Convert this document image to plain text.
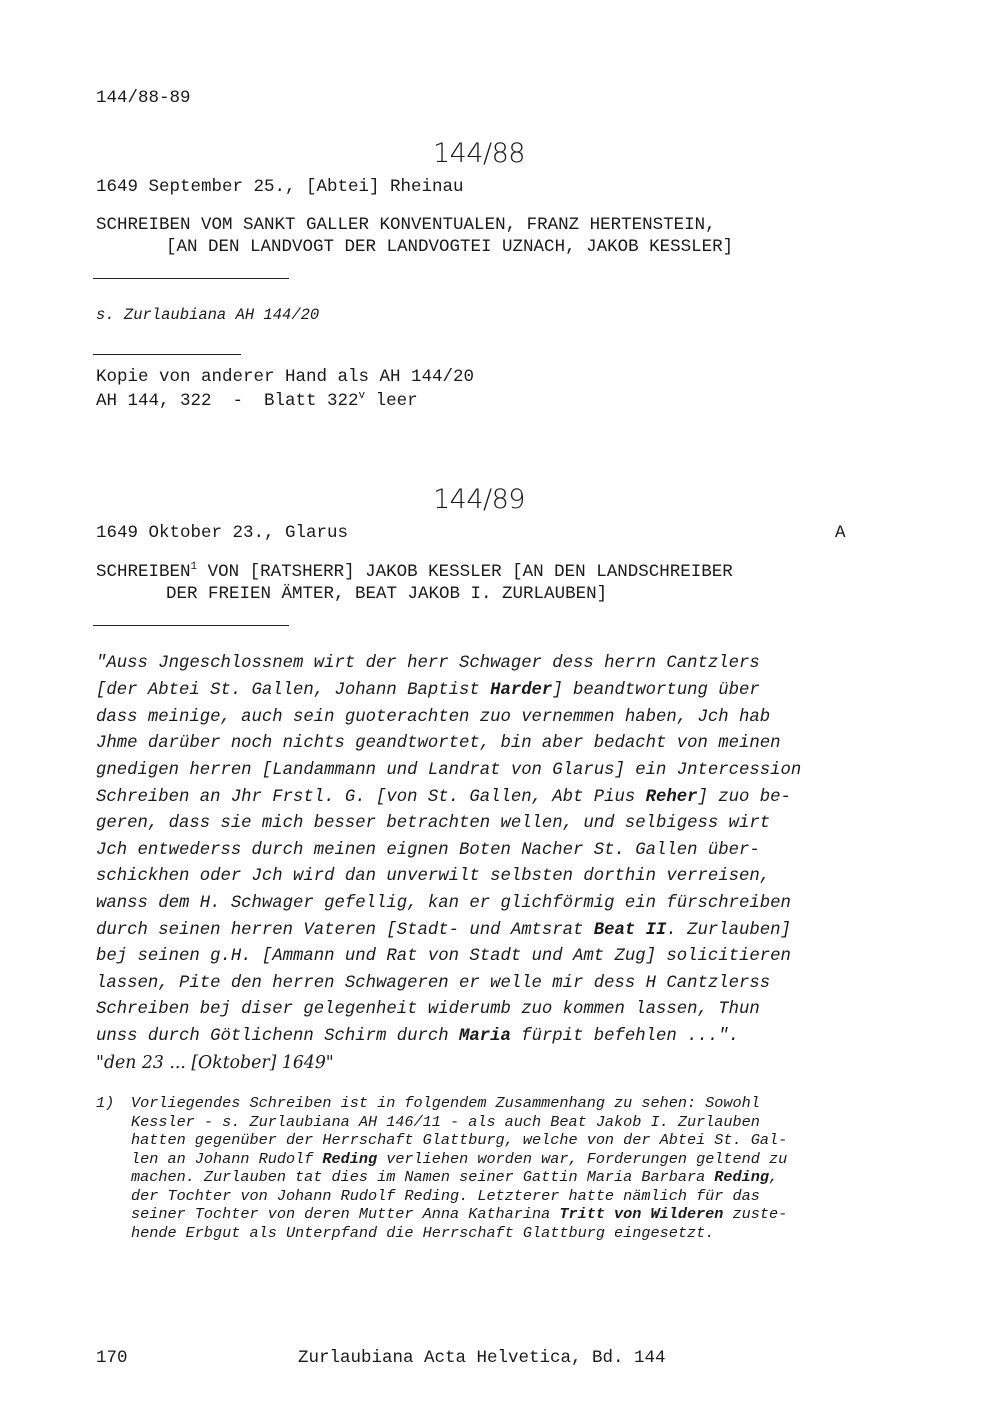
144/88-89
144/88
1649 September 25., [Abtei] Rheinau
SCHREIBEN VOM SANKT GALLER KONVENTUALEN, FRANZ HERTENSTEIN,
[AN DEN LANDVOGT DER LANDVOGTEI UZNACH, JAKOB KESSLER]
s. Zurlaubiana AH 144/20
Kopie von anderer Hand als AH 144/20
AH 144, 322  -  Blatt 322$^v$ leer
144/89
1649 Oktober 23., Glarus	A
SCHREIBEN$^1$ VON [RATSHERR] JAKOB KESSLER [AN DEN LANDSCHREIBER
DER FREIEN ÄMTER, BEAT JAKOB I. ZURLAUBEN]
"Auss Jngeschlossnem wirt der herr Schwager dess herrn Cantzlers
[der Abtei St. Gallen, Johann Baptist Harder] beandtwortung über
dass meinige, auch sein guoterachten zuo vernemmen haben, Jch hab
Jhme darüber noch nichts geandtwortet, bin aber bedacht von meinen
gnedigen herren [Landammann und Landrat von Glarus] ein Jntercession
Schreiben an Jhr Frstl. G. [von St. Gallen, Abt Pius Reher] zuo be-
geren, dass sie mich besser betrachten wellen, und selbigess wirt
Jch entwederss durch meinen eignen Boten Nacher St. Gallen über-
schickhen oder Jch wird dan unverwilt selbsten dorthin verreisen,
wanss dem H. Schwager gefellig, kan er glichförmig ein fürschreiben
durch seinen herren Vateren [Stadt- und Amtsrat Beat II. Zurlauben]
bej seinen g.H. [Ammann und Rat von Stadt und Amt Zug] solicitieren
lassen, Pite den herren Schwageren er welle mir dess H Cantzlerss
Schreiben bej diser gelegenheit widerumb zuo kommen lassen, Thun
unss durch Götlichenn Schirm durch Maria fürpit befehlen ...".
"den 23 ... [Oktober] 1649"
1) Vorliegendes Schreiben ist in folgendem Zusammenhang zu sehen: Sowohl
Kessler - s. Zurlaubiana AH 146/11 - als auch Beat Jakob I. Zurlauben
hatten gegenüber der Herrschaft Glattburg, welche von der Abtei St. Gal-
len an Johann Rudolf Reding verliehen worden war, Forderungen geltend zu
machen. Zurlauben tat dies im Namen seiner Gattin Maria Barbara Reding,
der Tochter von Johann Rudolf Reding. Letzterer hatte nämlich für das
seiner Tochter von deren Mutter Anna Katharina Tritt von Wilderen zuste-
hende Erbgut als Unterpfand die Herrschaft Glattburg eingesetzt.
170	Zurlaubiana Acta Helvetica, Bd. 144
